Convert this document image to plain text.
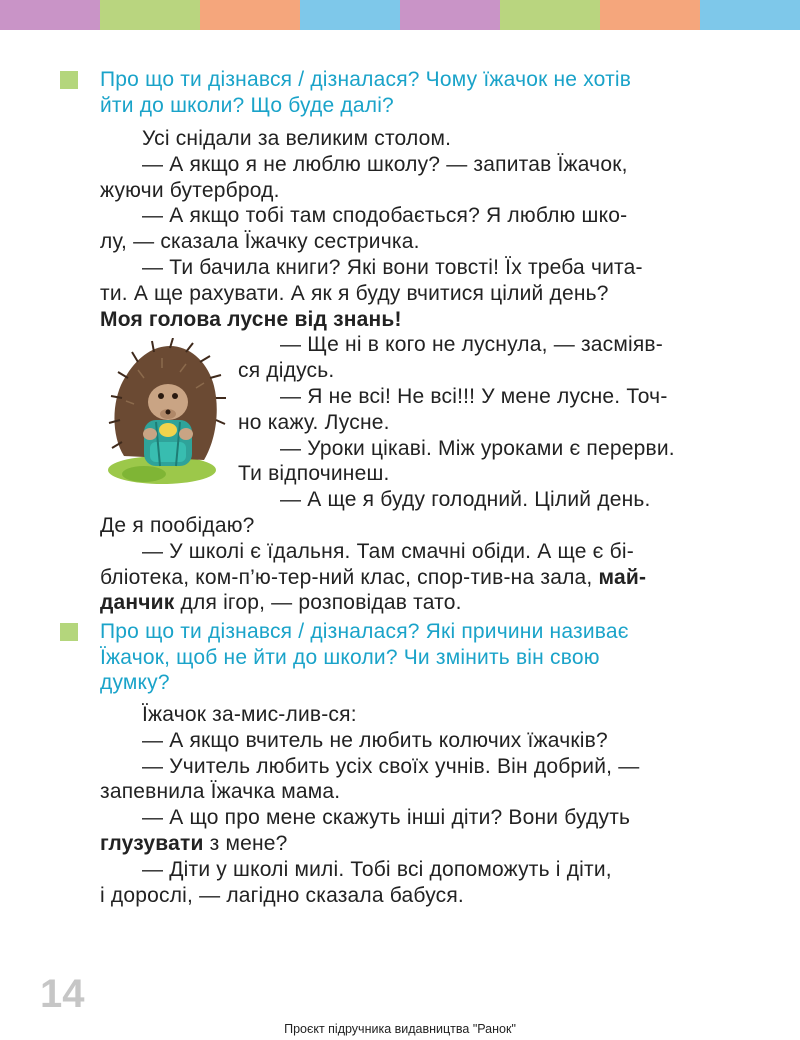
Про що ти дізнався / дізналася? Чому їжачок не хотів
йти до школи? Що буде далі?
Усі снідали за великим столом.
— А якщо я не люблю школу? — запитав Їжачок,
жуючи бутерброд.
— А якщо тобі там сподобається? Я люблю шко-
лу, — сказала Їжачку сестричка.
— Ти бачила книги? Які вони товсті! Їх треба чита-
ти. А ще рахувати. А як я буду вчитися цілий день?
Моя голова лусне від знань!
— Ще ні в кого не луснула, — засміяв-
ся дідусь.
— Я не всі! Не всі!!! У мене лусне. Точ-
но кажу. Лусне.
— Уроки цікаві. Між уроками є перерви.
Ти відпочинеш.
— А ще я буду голодний. Цілий день.
Де я пообідаю?
— У школі є їдальня. Там смачні обіди. А ще є бі-
бліотека, ком-п’ю-тер-ний клас, спор-тив-на зала, май-
данчик для ігор, — розповідав тато.
Про що ти дізнався / дізналася? Які причини називає
Їжачок, щоб не йти до школи? Чи змінить він свою
думку?
Їжачок за-мис-лив-ся:
— А якщо вчитель не любить колючих їжачків?
— Учитель любить усіх своїх учнів. Він добрий, —
запевнила Їжачка мама.
— А що про мене скажуть інші діти? Вони будуть
глузувати з мене?
— Діти у школі милі. Тобі всі допоможуть і діти,
і дорослі, — лагідно сказала бабуся.
14
Проєкт підручника видавництва "Ранок"
